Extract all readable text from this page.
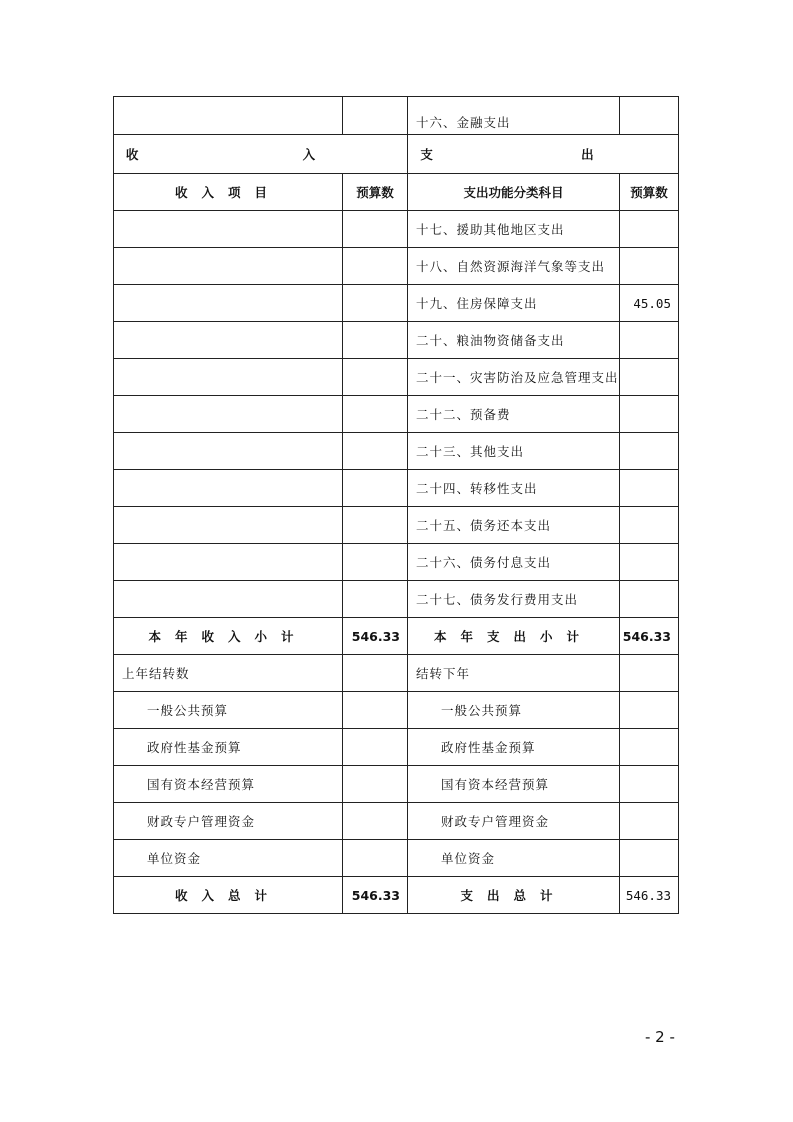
		十六、金融支出	
收 入		支 出	
收入项目	预算数	支出功能分类科目	预算数
		十七、援助其他地区支出	
		十八、自然资源海洋气象等支出	
		十九、住房保障支出	45.05
		二十、粮油物资储备支出	
		二十一、灾害防治及应急管理支出	
		二十二、预备费	
		二十三、其他支出	
		二十四、转移性支出	
		二十五、债务还本支出	
		二十六、债务付息支出	
		二十七、债务发行费用支出	
本年收入小计	546.33	本年支出小计	546.33
上年结转数		结转下年	
一般公共预算		一般公共预算	
政府性基金预算		政府性基金预算	
国有资本经营预算		国有资本经营预算	
财政专户管理资金		财政专户管理资金	
单位资金		单位资金	
收入总计	546.33	支出总计	546.33
- 2 -
